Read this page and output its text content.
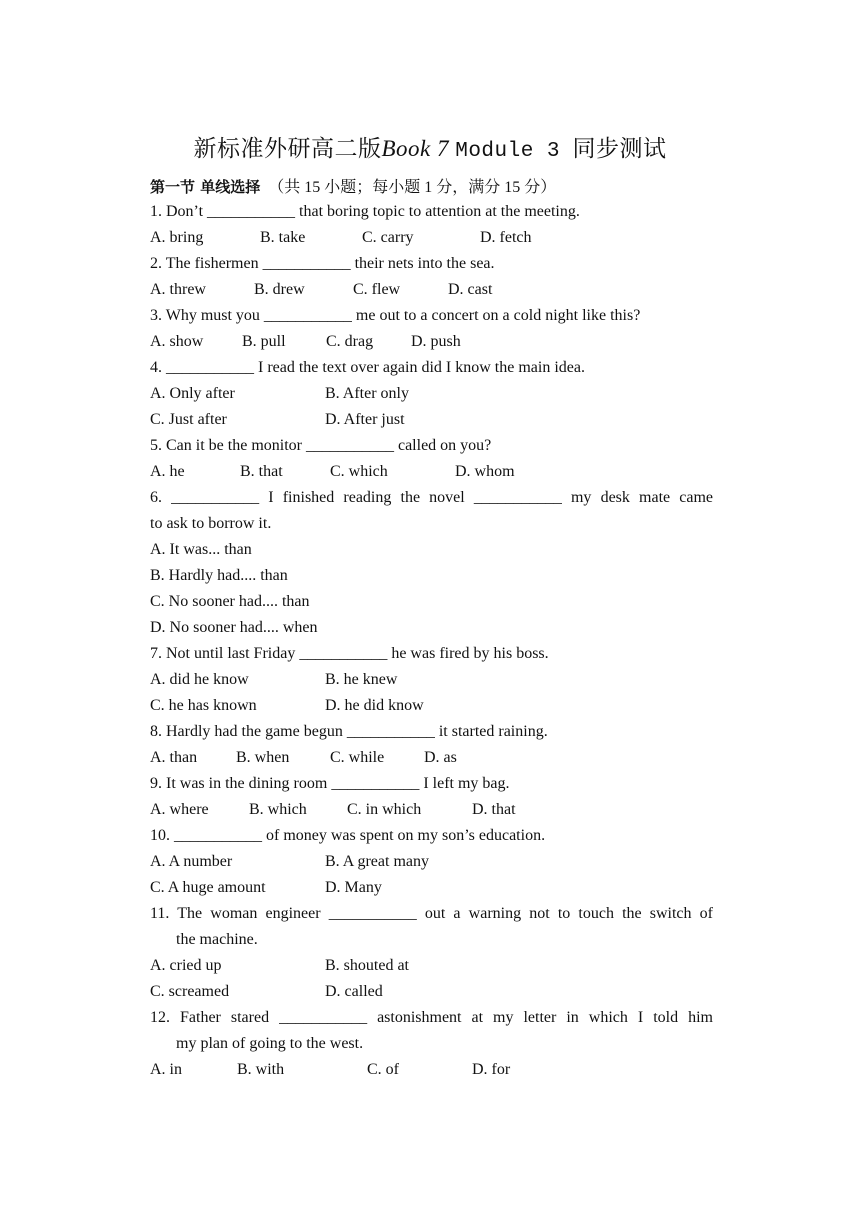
新标准外研高二版Book 7 Module 3 同步测试
第一节 单线选择 （共 15 小题；每小题 1 分，满分 15 分）
1. Don’t ___________ that boring topic to attention at the meeting.
A. bring	B. take	C. carry	D. fetch
2. The fishermen ___________ their nets into the sea.
A. threw	B. drew	C. flew	D. cast
3. Why must you ___________ me out to a concert on a cold night like this?
A. show B. pull	C. drag D. push
4. ___________ I read the text over again did I know the main idea.
A. Only after	B. After only
C. Just after	D. After just
5. Can it be the monitor ___________ called on you?
A. he	B. that	C. which	D. whom
6. ___________ I finished reading the novel ___________ my desk mate came
to ask to borrow it.
A. It was... than
B. Hardly had.... than
C. No sooner had.... than
D. No sooner had.... when
7. Not until last Friday ___________ he was fired by his boss.
A. did he know	B. he knew
C. he has known	D. he did know
8. Hardly had the game begun ___________ it started raining.
A. than B. when	C. while D. as
9. It was in the dining room ___________ I left my bag.
A. where	B. which	C. in which	D. that
10. ___________ of money was spent on my son’s education.
A. A number	B. A great many
C. A huge amount	D. Many
11. The woman engineer ___________ out a warning not to touch the switch of
the machine.
A. cried up	B. shouted at
C. screamed	D. called
12. Father stared ___________ astonishment at my letter in which I told him
my plan of going to the west.
A. in	B. with	C. of	D. for
